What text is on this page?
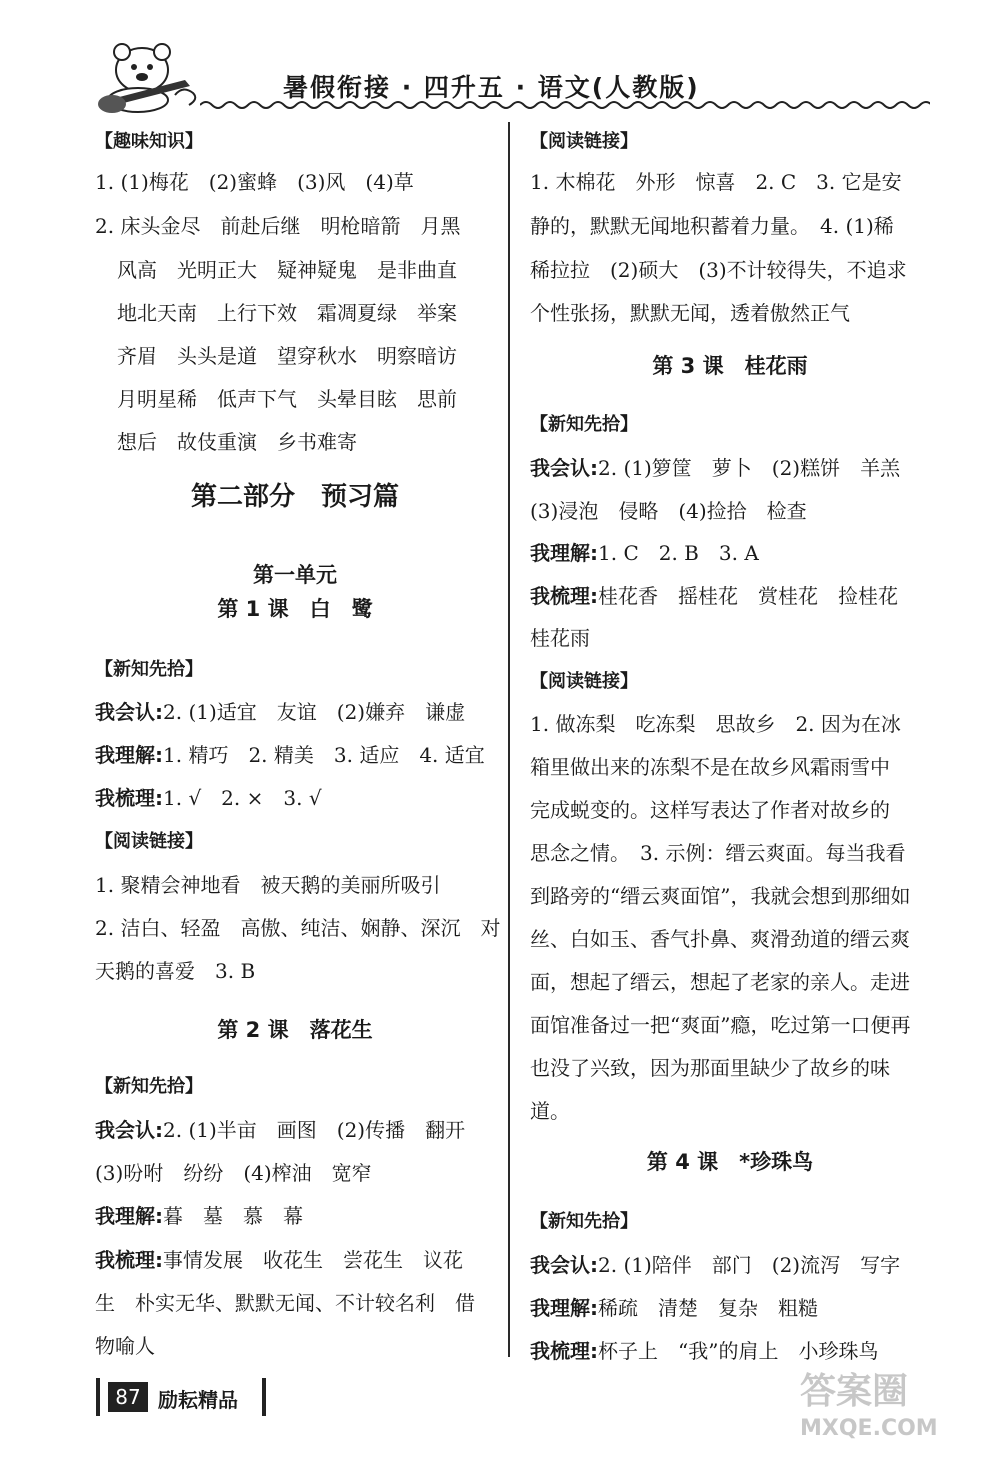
暑假衔接 · 四升五 · 语文(人教版)
【趣味知识】
1. (1)梅花　(2)蜜蜂　(3)风　(4)草
2. 床头金尽　前赴后继　明枪暗箭　月黑
风高　光明正大　疑神疑鬼　是非曲直
地北天南　上行下效　霜凋夏绿　举案
齐眉　头头是道　望穿秋水　明察暗访
月明星稀　低声下气　头晕目眩　思前
想后　故伎重演　乡书难寄
第二部分　预习篇
第一单元
第 1 课　白　鹭
【新知先拾】
我会认:2. (1)适宜　友谊　(2)嫌弃　谦虚
我理解:1. 精巧　2. 精美　3. 适应　4. 适宜
我梳理:1. √　2. ×　3. √
【阅读链接】
1. 聚精会神地看　被天鹅的美丽所吸引
2. 洁白、轻盈　高傲、纯洁、娴静、深沉　对
天鹅的喜爱　3. B
第 2 课　落花生
【新知先拾】
我会认:2. (1)半亩　画图　(2)传播　翻开
(3)吩咐　纷纷　(4)榨油　宽窄
我理解:暮　墓　慕　幕
我梳理:事情发展　收花生　尝花生　议花
生　朴实无华、默默无闻、不计较名利　借
物喻人
【阅读链接】
1. 木棉花　外形　惊喜　2. C　3. 它是安
静的，默默无闻地积蓄着力量。　4. (1)稀
稀拉拉　(2)硕大　(3)不计较得失，不追求
个性张扬，默默无闻，透着傲然正气
第 3 课　桂花雨
【新知先拾】
我会认:2. (1)箩筐　萝卜　(2)糕饼　羊羔
(3)浸泡　侵略　(4)捡拾　检查
我理解:1. C　2. B　3. A
我梳理:桂花香　摇桂花　赏桂花　捡桂花
桂花雨
【阅读链接】
1. 做冻梨　吃冻梨　思故乡　2. 因为在冰
箱里做出来的冻梨不是在故乡风霜雨雪中
完成蜕变的。这样写表达了作者对故乡的
思念之情。　3. 示例：缙云爽面。每当我看
到路旁的“缙云爽面馆”，我就会想到那细如
丝、白如玉、香气扑鼻、爽滑劲道的缙云爽
面，想起了缙云，想起了老家的亲人。走进
面馆准备过一把“爽面”瘾，吃过第一口便再
也没了兴致，因为那面里缺少了故乡的味
道。
第 4 课　*珍珠鸟
【新知先拾】
我会认:2. (1)陪伴　部门　(2)流泻　写字
我理解:稀疏　清楚　复杂　粗糙
我梳理:杯子上　“我”的肩上　小珍珠鸟
87 励耘精品	答案圈
MXQE.COM
